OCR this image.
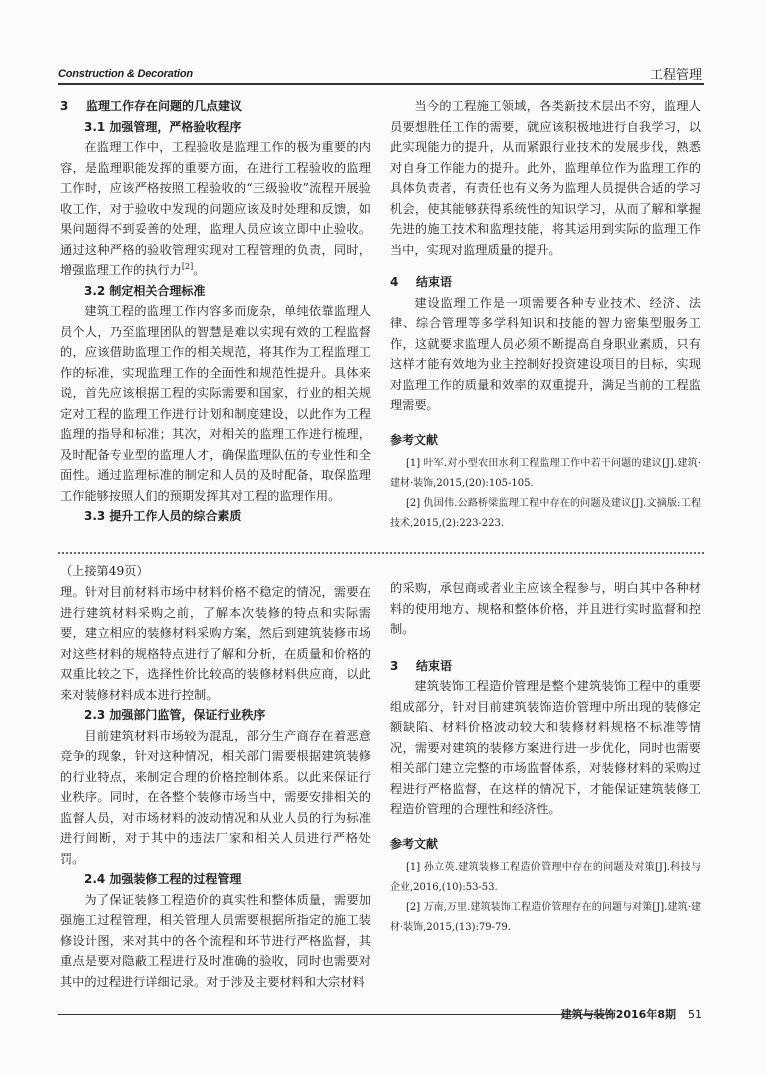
Construction & Decoration	工程管理
3 监理工作存在问题的几点建议
3.1 加强管理，严格验收程序

在监理工作中，工程验收是监理工作的极为重要的内容，是监理职能发挥的重要方面，在进行工程验收的监理工作时，应该严格按照工程验收的“三级验收”流程开展验收工作，对于验收中发现的问题应该及时处理和反馈，如果问题得不到妥善的处理，监理人员应该立即中止验收。通过这种严格的验收管理实现对工程管理的负责，同时，增强监理工作的执行力[2]。

3.2 制定相关合理标准

建筑工程的监理工作内容多而庞杂，单纯依靠监理人员个人，乃至监理团队的智慧是难以实现有效的工程监督的，应该借助监理工作的相关规范，将其作为工程监理工作的标准，实现监理工作的全面性和规范性提升。具体来说，首先应该根据工程的实际需要和国家，行业的相关规定对工程的监理工作进行计划和制度建设，以此作为工程监理的指导和标准；其次，对相关的监理工作进行梳理，及时配备专业型的监理人才，确保监理队伍的专业性和全面性。通过监理标准的制定和人员的及时配备，取保监理工作能够按照人们的预期发挥其对工程的监理作用。

3.3 提升工作人员的综合素质

当今的工程施工领域，各类新技术层出不穷，监理人员要想胜任工作的需要，就应该积极地进行自我学习，以此实现能力的提升，从而紧跟行业技术的发展步伐，熟悉对自身工作能力的提升。此外，监理单位作为监理工作的具体负责者，有责任也有义务为监理人员提供合适的学习机会，使其能够获得系统性的知识学习，从而了解和掌握先进的施工技术和监理技能，将其运用到实际的监理工作当中，实现对监理质量的提升。

4 结束语

建设监理工作是一项需要各种专业技术、经济、法律、综合管理等多学科知识和技能的智力密集型服务工作，这就要求监理人员必须不断提高自身职业素质，只有这样才能有效地为业主控制好投资建设项目的目标，实现对监理工作的质量和效率的双重提升，满足当前的工程监理需要。

参考文献

[1] 叶军.对小型农田水利工程监理工作中若干问题的建议[J].建筑·建材·装饰,2015,(20):105-105.

[2] 仇国伟.公路桥梁监理工程中存在的问题及建议[J].文摘版:工程技术,2015,(2):223-223.

（上接第49页）

理。针对目前材料市场中材料价格不稳定的情况，需要在进行建筑材料采购之前，了解本次装修的特点和实际需要，建立相应的装修材料采购方案，然后到建筑装修市场对这些材料的规格特点进行了解和分析，在质量和价格的双重比较之下，选择性价比较高的装修材料供应商，以此来对装修材料成本进行控制。

2.3 加强部门监管，保证行业秩序

目前建筑材料市场较为混乱，部分生产商存在着恶意竞争的现象，针对这种情况，相关部门需要根据建筑装修的行业特点，来制定合理的价格控制体系。以此来保证行业秩序。同时，在各整个装修市场当中，需要安排相关的监督人员，对市场材料的波动情况和从业人员的行为标准进行间断，对于其中的违法厂家和相关人员进行严格处罚。

2.4 加强装修工程的过程管理

为了保证装修工程造价的真实性和整体质量，需要加强施工过程管理，相关管理人员需要根据所指定的施工装修设计图，来对其中的各个流程和环节进行严格监督，其重点是要对隐蔽工程进行及时准确的验收，同时也需要对其中的过程进行详细记录。对于涉及主要材料和大宗材料

的采购，承包商或者业主应该全程参与，明白其中各种材料的使用地方、规格和整体价格，并且进行实时监督和控制。

3 结束语

建筑装饰工程造价管理是整个建筑装饰工程中的重要组成部分，针对目前建筑装饰造价管理中所出现的装修定额缺陷、材料价格波动较大和装修材料规格不标准等情况，需要对建筑的装修方案进行进一步优化，同时也需要相关部门建立完整的市场监督体系，对装修材料的采购过程进行严格监督，在这样的情况下，才能保证建筑装修工程造价管理的合理性和经济性。

参考文献

[1] 孙立英.建筑装修工程造价管理中存在的问题及对策[J].科技与企业,2016,(10):53-53.

[2] 万南,万里.建筑装饰工程造价管理存在的问题与对策[J].建筑·建材·装饰,2015,(13):79-79.

建筑与装饰2016年8期 51
